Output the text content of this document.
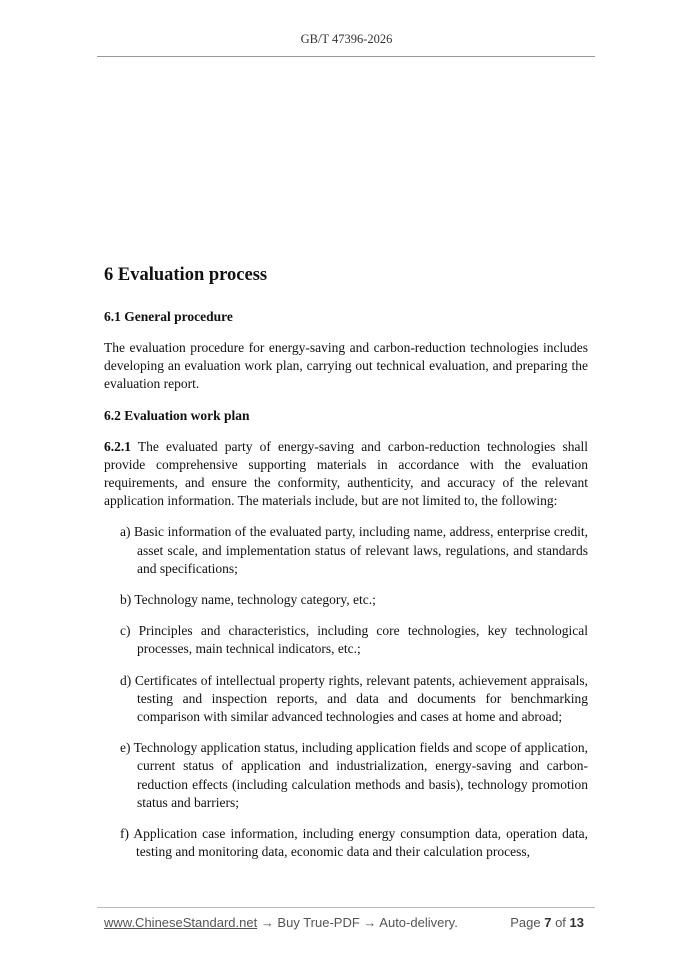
GB/T 47396-2026
6 Evaluation process
6.1 General procedure

The evaluation procedure for energy-saving and carbon-reduction technologies includes developing an evaluation work plan, carrying out technical evaluation, and preparing the evaluation report.

6.2 Evaluation work plan

6.2.1 The evaluated party of energy-saving and carbon-reduction technologies shall provide comprehensive supporting materials in accordance with the evaluation requirements, and ensure the conformity, authenticity, and accuracy of the relevant application information. The materials include, but are not limited to, the following:

a) Basic information of the evaluated party, including name, address, enterprise credit, asset scale, and implementation status of relevant laws, regulations, and standards and specifications;
b) Technology name, technology category, etc.;
c) Principles and characteristics, including core technologies, key technological processes, main technical indicators, etc.;
d) Certificates of intellectual property rights, relevant patents, achievement appraisals, testing and inspection reports, and data and documents for benchmarking comparison with similar advanced technologies and cases at home and abroad;
e) Technology application status, including application fields and scope of application, current status of application and industrialization, energy-saving and carbon-reduction effects (including calculation methods and basis), technology promotion status and barriers;
f) Application case information, including energy consumption data, operation data, testing and monitoring data, economic data and their calculation process,
www.ChineseStandard.net → Buy True-PDF → Auto-delivery.	Page 7 of 13
